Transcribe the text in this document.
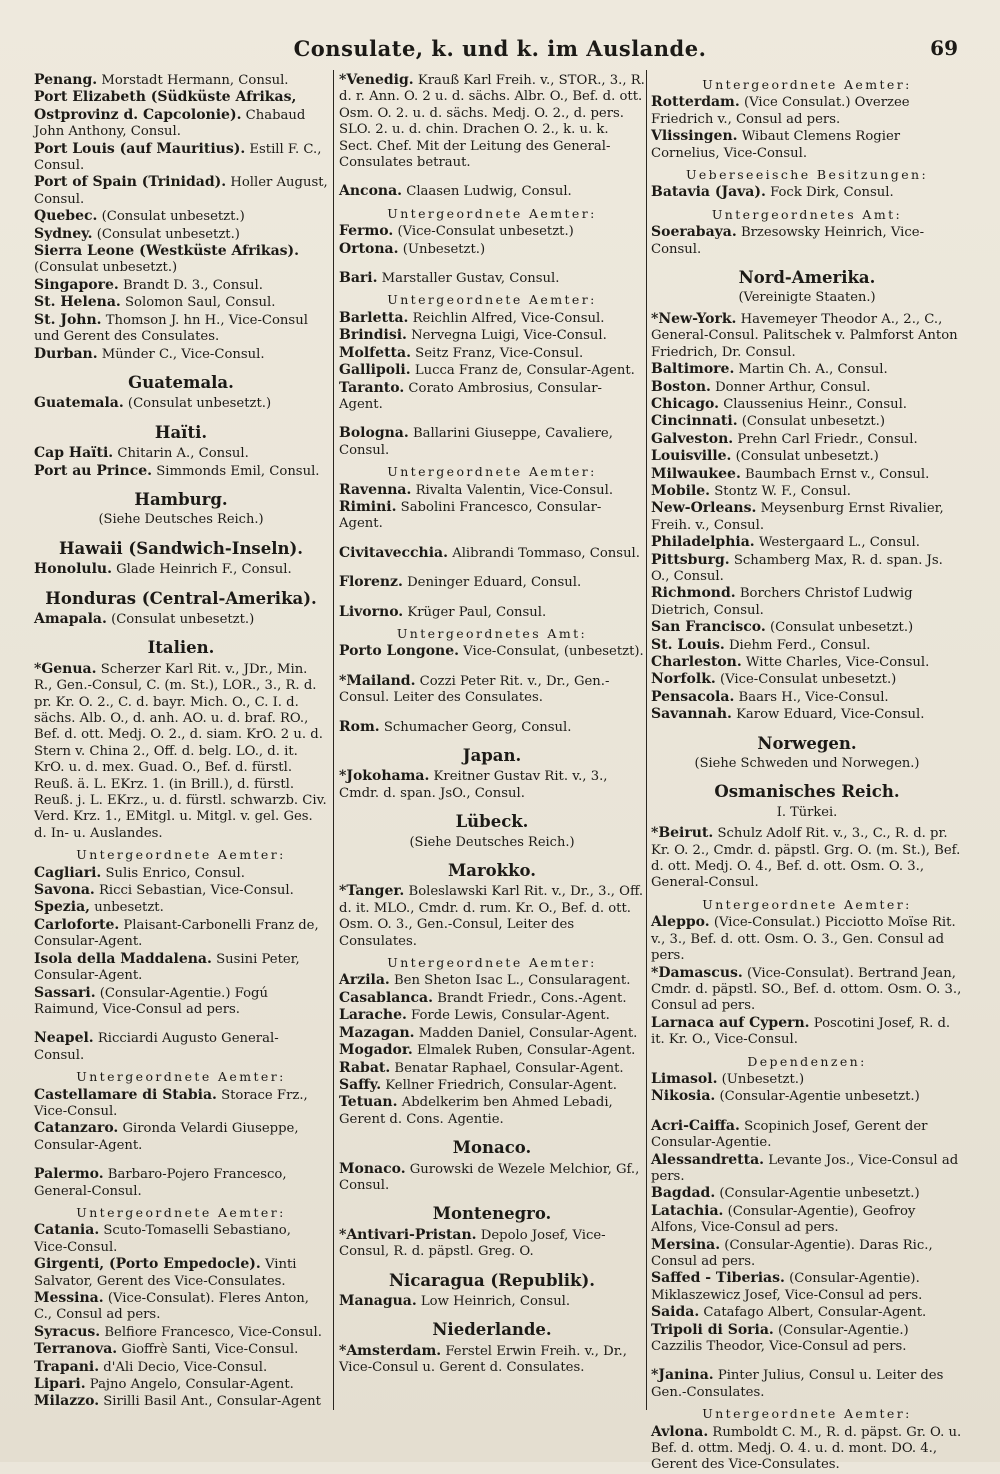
Consulate, k. und k. im Auslande.	69

Penang. Morstadt Hermann, Consul.

Port Elizabeth (Südküste Afrikas, Ostprovinz d. Capcolonie). Chabaud John Anthony, Consul.

Port Louis (auf Mauritius). Estill F. C., Consul.

Port of Spain (Trinidad). Holler August, Consul.

Quebec. (Consulat unbesetzt.)

Sydney. (Consulat unbesetzt.)

Sierra Leone (Westküste Afrikas). (Consulat unbesetzt.)

Singapore. Brandt D. 3., Consul.

St. Helena. Solomon Saul, Consul.

St. John. Thomson J. hn H., Vice-Consul und Gerent des Consulates.

Durban. Münder C., Vice-Consul.

Guatemala.

Guatemala. (Consulat unbesetzt.)

Haïti.

Cap Haïti. Chitarin A., Consul.

Port au Prince. Simmonds Emil, Consul.

Hamburg.
(Siehe Deutsches Reich.)
Hawaii (Sandwich-Inseln).

Honolulu. Glade Heinrich F., Consul.

Honduras (Central-Amerika).

Amapala. (Consulat unbesetzt.)

Italien.

*Genua. Scherzer Karl Rit. v., JDr., Min. R., Gen.-Consul, C. (m. St.), LOR., 3., R. d. pr. Kr. O. 2., C. d. bayr. Mich. O., C. I. d. sächs. Alb. O., d. anh. AO. u. d. braf. RO., Bef. d. ott. Medj. O. 2., d. siam. KrO. 2 u. d. Stern v. China 2., Off. d. belg. LO., d. it. KrO. u. d. mex. Guad. O., Bef. d. fürstl. Reuß. ä. L. EKrz. 1. (in Brill.), d. fürstl. Reuß. j. L. EKrz., u. d. fürstl. schwarzb. Civ. Verd. Krz. 1., EMitgl. u. Mitgl. v. gel. Ges. d. In- u. Auslandes.

Untergeordnete Aemter:

Cagliari. Sulis Enrico, Consul.

Savona. Ricci Sebastian, Vice-Consul.

Spezia, unbesetzt.

Carloforte. Plaisant-Carbonelli Franz de, Consular-Agent.

Isola della Maddalena. Susini Peter, Consular-Agent.

Sassari. (Consular-Agentie.) Fogú Raimund, Vice-Consul ad pers.

Neapel. Ricciardi Augusto General-Consul.

Untergeordnete Aemter:

Castellamare di Stabia. Storace Frz., Vice-Consul.

Catanzaro. Gironda Velardi Giuseppe, Consular-Agent.

Palermo. Barbaro-Pojero Francesco, General-Consul.

Untergeordnete Aemter:

Catania. Scuto-Tomaselli Sebastiano, Vice-Consul.

Girgenti, (Porto Empedocle). Vinti Salvator, Gerent des Vice-Consulates.

Messina. (Vice-Consulat). Fleres Anton, C., Consul ad pers.

Syracus. Belfiore Francesco, Vice-Consul.

Terranova. Gioffrè Santi, Vice-Consul.

Trapani. d'Ali Decio, Vice-Consul.

Lipari. Pajno Angelo, Consular-Agent.

Milazzo. Sirilli Basil Ant., Consular-Agent

*Venedig. Krauß Karl Freih. v., STOR., 3., R. d. r. Ann. O. 2 u. d. sächs. Albr. O., Bef. d. ott. Osm. O. 2. u. d. sächs. Medj. O. 2., d. pers. SLO. 2. u. d. chin. Drachen O. 2., k. u. k. Sect. Chef. Mit der Leitung des General-Consulates betraut.

Ancona. Claasen Ludwig, Consul.

Untergeordnete Aemter:

Fermo. (Vice-Consulat unbesetzt.)

Ortona. (Unbesetzt.)

Bari. Marstaller Gustav, Consul.

Untergeordnete Aemter:

Barletta. Reichlin Alfred, Vice-Consul.

Brindisi. Nervegna Luigi, Vice-Consul.

Molfetta. Seitz Franz, Vice-Consul.

Gallipoli. Lucca Franz de, Consular-Agent.

Taranto. Corato Ambrosius, Consular-Agent.

Bologna. Ballarini Giuseppe, Cavaliere, Consul.

Untergeordnete Aemter:

Ravenna. Rivalta Valentin, Vice-Consul.

Rimini. Sabolini Francesco, Consular-Agent.

Civitavecchia. Alibrandi Tommaso, Consul.

Florenz. Deninger Eduard, Consul.

Livorno. Krüger Paul, Consul.

Untergeordnetes Amt:

Porto Longone. Vice-Consulat, (unbesetzt).

*Mailand. Cozzi Peter Rit. v., Dr., Gen.-Consul. Leiter des Consulates.

Rom. Schumacher Georg, Consul.

Japan.

*Jokohama. Kreitner Gustav Rit. v., 3., Cmdr. d. span. JsO., Consul.

Lübeck.
(Siehe Deutsches Reich.)
Marokko.

*Tanger. Boleslawski Karl Rit. v., Dr., 3., Off. d. it. MLO., Cmdr. d. rum. Kr. O., Bef. d. ott. Osm. O. 3., Gen.-Consul, Leiter des Consulates.

Untergeordnete Aemter:

Arzila. Ben Sheton Isac L., Consularagent.

Casablanca. Brandt Friedr., Cons.-Agent.

Larache. Forde Lewis, Consular-Agent.

Mazagan. Madden Daniel, Consular-Agent.

Mogador. Elmalek Ruben, Consular-Agent.

Rabat. Benatar Raphael, Consular-Agent.

Saffy. Kellner Friedrich, Consular-Agent.

Tetuan. Abdelkerim ben Ahmed Lebadi, Gerent d. Cons. Agentie.

Monaco.

Monaco. Gurowski de Wezele Melchior, Gf., Consul.

Montenegro.

*Antivari-Pristan. Depolo Josef, Vice-Consul, R. d. päpstl. Greg. O.

Nicaragua (Republik).

Managua. Low Heinrich, Consul.

Niederlande.

*Amsterdam. Ferstel Erwin Freih. v., Dr., Vice-Consul u. Gerent d. Consulates.

Untergeordnete Aemter:

Rotterdam. (Vice Consulat.) Overzee Friedrich v., Consul ad pers.

Vlissingen. Wibaut Clemens Rogier Cornelius, Vice-Consul.

Ueberseeische Besitzungen:

Batavia (Java). Fock Dirk, Consul.

Untergeordnetes Amt:

Soerabaya. Brzesowsky Heinrich, Vice-Consul.

Nord-Amerika.
(Vereinigte Staaten.)

*New-York. Havemeyer Theodor A., 2., C., General-Consul. Palitschek v. Palmforst Anton Friedrich, Dr. Consul.

Baltimore. Martin Ch. A., Consul.

Boston. Donner Arthur, Consul.

Chicago. Claussenius Heinr., Consul.

Cincinnati. (Consulat unbesetzt.)

Galveston. Prehn Carl Friedr., Consul.

Louisville. (Consulat unbesetzt.)

Milwaukee. Baumbach Ernst v., Consul.

Mobile. Stontz W. F., Consul.

New-Orleans. Meysenburg Ernst Rivalier, Freih. v., Consul.

Philadelphia. Westergaard L., Consul.

Pittsburg. Schamberg Max, R. d. span. Js. O., Consul.

Richmond. Borchers Christof Ludwig Dietrich, Consul.

San Francisco. (Consulat unbesetzt.)

St. Louis. Diehm Ferd., Consul.

Charleston. Witte Charles, Vice-Consul.

Norfolk. (Vice-Consulat unbesetzt.)

Pensacola. Baars H., Vice-Consul.

Savannah. Karow Eduard, Vice-Consul.

Norwegen.
(Siehe Schweden und Norwegen.)
Osmanisches Reich.
I. Türkei.

*Beirut. Schulz Adolf Rit. v., 3., C., R. d. pr. Kr. O. 2., Cmdr. d. päpstl. Grg. O. (m. St.), Bef. d. ott. Medj. O. 4., Bef. d. ott. Osm. O. 3., General-Consul.

Untergeordnete Aemter:

Aleppo. (Vice-Consulat.) Picciotto Moïse Rit. v., 3., Bef. d. ott. Osm. O. 3., Gen. Consul ad pers.

*Damascus. (Vice-Consulat). Bertrand Jean, Cmdr. d. päpstl. SO., Bef. d. ottom. Osm. O. 3., Consul ad pers.

Larnaca auf Cypern. Poscotini Josef, R. d. it. Kr. O., Vice-Consul.

Dependenzen:

Limasol. (Unbesetzt.)

Nikosia. (Consular-Agentie unbesetzt.)

Acri-Caiffa. Scopinich Josef, Gerent der Consular-Agentie.

Alessandretta. Levante Jos., Vice-Consul ad pers.

Bagdad. (Consular-Agentie unbesetzt.)

Latachia. (Consular-Agentie), Geofroy Alfons, Vice-Consul ad pers.

Mersina. (Consular-Agentie). Daras Ric., Consul ad pers.

Saffed - Tiberias. (Consular-Agentie). Miklaszewicz Josef, Vice-Consul ad pers.

Saida. Catafago Albert, Consular-Agent.

Tripoli di Soria. (Consular-Agentie.) Cazzilis Theodor, Vice-Consul ad pers.

*Janina. Pinter Julius, Consul u. Leiter des Gen.-Consulates.

Untergeordnete Aemter:

Avlona. Rumboldt C. M., R. d. päpst. Gr. O. u. Bef. d. ottm. Medj. O. 4. u. d. mont. DO. 4., Gerent des Vice-Consulates.
